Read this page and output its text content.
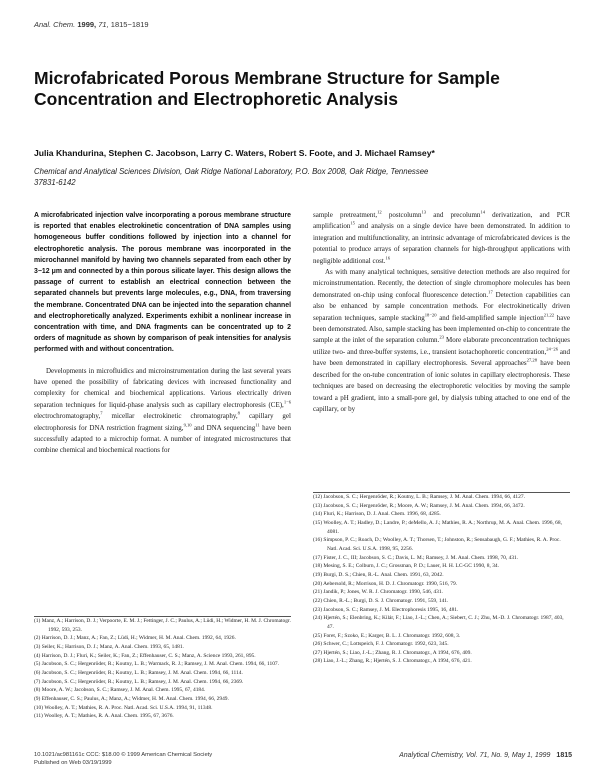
Anal. Chem. 1999, 71, 1815−1819
Microfabricated Porous Membrane Structure for Sample Concentration and Electrophoretic Analysis
Julia Khandurina, Stephen C. Jacobson, Larry C. Waters, Robert S. Foote, and J. Michael Ramsey*
Chemical and Analytical Sciences Division, Oak Ridge National Laboratory, P.O. Box 2008, Oak Ridge, Tennessee 37831-6142

A microfabricated injection valve incorporating a porous membrane structure is reported that enables electrokinetic concentration of DNA samples using homogeneous buffer conditions followed by injection into a channel for electrophoretic analysis. The porous membrane was incorporated in the microchannel manifold by having two channels separated from each other by 3−12 μm and connected by a thin porous silicate layer. This design allows the passage of current to establish an electrical connection between the separated channels but prevents large molecules, e.g., DNA, from traversing the membrane. Concentrated DNA can be injected into the separation channel and electrophoretically analyzed. Experiments exhibit a nonlinear increase in concentration with time, and DNA fragments can be concentrated up to 2 orders of magnitude as shown by comparison of peak intensities for analysis performed with and without concentration.

Developments in microfluidics and microinstrumentation during the last several years have opened the possibility of fabricating devices with increased functionality and complexity for chemical and biochemical applications. Various electrically driven separation techniques for liquid-phase analysis such as capillary electrophoresis (CE),$^{1-6}$ electrochromatography,$^7$ micellar electrokinetic chromatography,$^8$ capillary gel electrophoresis for DNA restriction fragment sizing,$^{9,10}$ and DNA sequencing$^{11}$ have been successfully adapted to a microchip format. A number of integrated microstructures that combine chemical and biochemical reactions for

sample pretreatment,$^{12}$ postcolumn$^{13}$ and precolumn$^{14}$ derivatization, and PCR amplification$^{15}$ and analysis on a single device have been demonstrated. In addition to integration and multifunctionality, an intrinsic advantage of microfabricated devices is the potential to produce arrays of separation channels for high-throughput applications with negligible additional cost.$^{16}$

As with many analytical techniques, sensitive detection methods are also required for microinstrumentation. Recently, the detection of single chromophore molecules has been demonstrated on-chip using confocal fluorescence detection.$^{17}$ Detection capabilities can also be enhanced by sample concentration methods. For electrokinetically driven separation techniques, sample stacking$^{18-20}$ and field-amplified sample injection$^{21,22}$ have been demonstrated. Also, sample stacking has been implemented on-chip to concentrate the sample at the inlet of the separation column.$^{23}$ More elaborate preconcentration techniques utilize two- and three-buffer systems, i.e., transient isotachophoretic concentration,$^{24-26}$ and have been demonstrated in capillary electrophoresis. Several approaches$^{27,28}$ have been described for the on-tube concentration of ionic solutes in capillary electrophoresis. These techniques are based on decreasing the electrophoretic velocities by moving the sample toward a pH gradient, into a small-pore gel, by dialysis tubing attached to one end of the capillary, or by

(1) Manz, A.; Harrison, D. J.; Verpoorte, E. M. J.; Fettinger, J. C.; Paulus, A.; Lüdi, H.; Widmer, H. M. J. Chromatogr. 1992, 593, 253.
(2) Harrison, D. J.; Manz, A.; Fan, Z.; Lüdi, H.; Widmer, H. M. Anal. Chem. 1992, 64, 1926.
(3) Seiler, K.; Harrison, D. J.; Manz, A. Anal. Chem. 1993, 65, 1481.
(4) Harrison, D. J.; Fluri, K.; Seiler, K.; Fan, Z.; Effenhauser, C. S.; Manz, A. Science 1993, 261, 895.
(5) Jacobson, S. C.; Hergenröder, R.; Koutny, L. B.; Warmack, R. J.; Ramsey, J. M. Anal. Chem. 1994, 66, 1107.
(6) Jacobson, S. C.; Hergenröder, R.; Koutny, L. B.; Ramsey, J. M. Anal. Chem. 1994, 66, 1114.
(7) Jacobson, S. C.; Hergenröder, R.; Koutny, L. B.; Ramsey, J. M. Anal. Chem. 1994, 66, 2369.
(8) Moore, A. W.; Jacobson, S. C.; Ramsey, J. M. Anal. Chem. 1995, 67, 4184.
(9) Effenhauser, C. S.; Paulus, A.; Manz, A.; Widmer, H. M. Anal. Chem. 1994, 66, 2949.
(10) Woolley, A. T.; Mathies, R. A. Proc. Natl. Acad. Sci. U.S.A. 1994, 91, 11348.
(11) Woolley, A. T.; Mathies, R. A. Anal. Chem. 1995, 67, 3676.
(12) Jacobson, S. C.; Hergenröder, R.; Koutny, L. B.; Ramsey, J. M. Anal. Chem. 1994, 66, 4127.
(13) Jacobson, S. C.; Hergenröder, R.; Moore, A. W.; Ramsey, J. M. Anal. Chem. 1994, 66, 3472.
(14) Fluri, K.; Harrison, D. J. Anal. Chem. 1996, 68, 4285.
(15) Woolley, A. T.; Hadley, D.; Landre, P.; deMello, A. J.; Mathies, R. A.; Northrup, M. A. Anal. Chem. 1996, 68, 4081.
(16) Simpson, P. C.; Roach, D.; Woolley, A. T.; Thorsen, T.; Johnston, R.; Sensabaugh, G. F.; Mathies, R. A. Proc. Natl. Acad. Sci. U.S.A. 1998, 95, 2256.
(17) Fister, J. C., III; Jacobson, S. C.; Davis, L. M.; Ramsey, J. M. Anal. Chem. 1998, 70, 431.
(18) Mesing, S. E.; Colburn, J. C.; Grossman, P. D.; Lauer, H. H. LC-GC 1990, 8, 34.
(19) Burgi, D. S.; Chien, R.-L. Anal. Chem. 1991, 63, 2042.
(20) Aebersold, R.; Morrison, H. D. J. Chromatogr. 1990, 516, 79.
(21) Jandik, P.; Jones, W. R. J. Chromatogr. 1990, 546, 431.
(22) Chien, R.-L.; Burgi, D. S. J. Chromatogr. 1991, 559, 141.
(23) Jacobson, S. C.; Ramsey, J. M. Electrophoresis 1995, 16, 481.
(24) Hjertén, S.; Elenbring, K.; Kilár, F.; Liao, J.-L.; Chen, A.; Siebert, C. J.; Zhu, M.-D. J. Chromatogr. 1987, 403, 47.
(25) Foret, F.; Szoko, E.; Karger, B. L. J. Chromatogr. 1992, 608, 3.
(26) Schwer, C.; Lottspeich, F. J. Chromatogr. 1992, 623, 345.
(27) Hjertén, S.; Liao, J.-L.; Zhang, R. J. Chromatogr., A 1994, 676, 409.
(28) Liao, J.-L.; Zhang, R.; Hjertén, S. J. Chromatogr., A 1994, 676, 421.
10.1021/ac981161c CCC: $18.00 © 1999 American Chemical Society
Published on Web 03/19/1999
Analytical Chemistry, Vol. 71, No. 9, May 1, 1999 1815
